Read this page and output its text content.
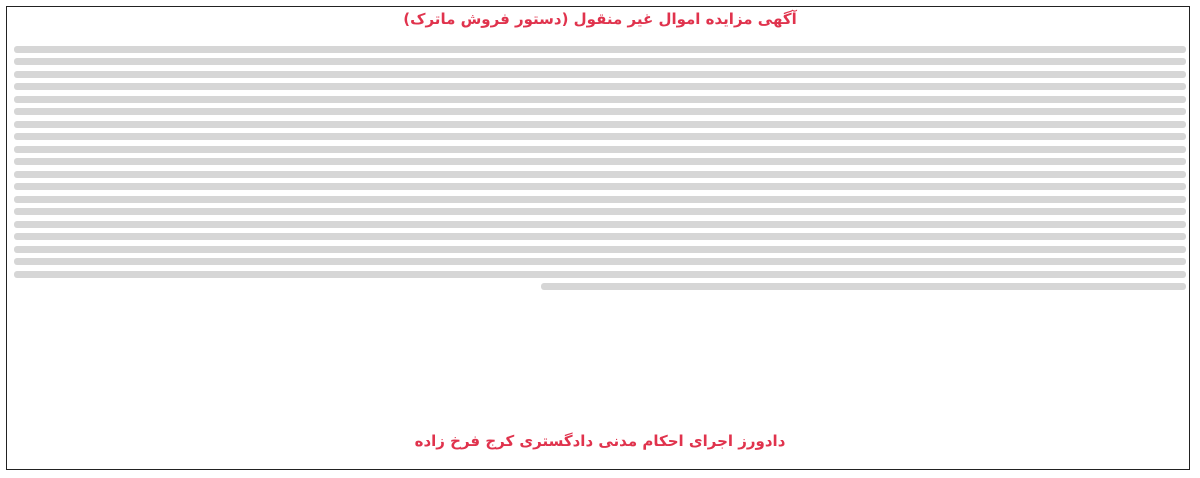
آگهی مزایده اموال غیر منقول (دستور فروش ماترک)
دادورز اجرای احکام مدنی دادگستری کرج فرخ زاده
